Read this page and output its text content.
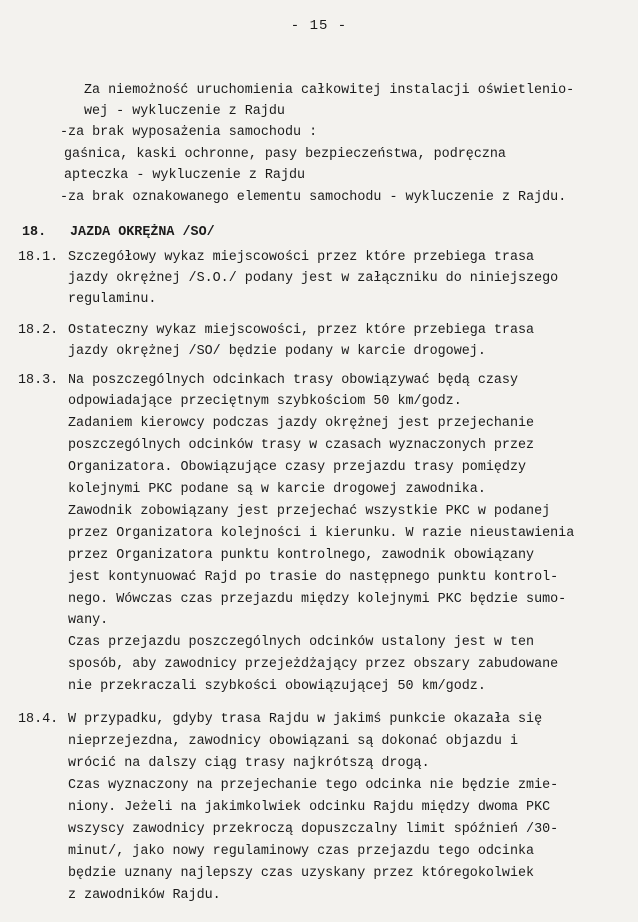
- 15 -
Za niemożność uruchomienia całkowitej instalacji oświetlenio-
wej - wykluczenie z Rajdu
-za brak wyposażenia samochodu :
gaśnica, kaski ochronne, pasy bezpieczeństwa, podręczna
apteczka - wykluczenie z Rajdu
-za brak oznakowanego elementu samochodu - wykluczenie z Rajdu.
18. JAZDA OKRĘŻNA /SO/
18.1. Szczegółowy wykaz miejscowości przez które przebiega trasa
jazdy okrężnej /S.O./ podany jest w załączniku do niniejszego
regulaminu.
18.2. Ostateczny wykaz miejscowości, przez które przebiega trasa
jazdy okrężnej /SO/ będzie podany w karcie drogowej.
18.3. Na poszczególnych odcinkach trasy obowiązywać będą czasy
odpowiadające przeciętnym szybkościom 50 km/godz.
Zadaniem kierowcy podczas jazdy okrężnej jest przejechanie
poszczególnych odcinków trasy w czasach wyznaczonych przez
Organizatora. Obowiązujące czasy przejazdu trasy pomiędzy
kolejnymi PKC podane są w karcie drogowej zawodnika.
Zawodnik zobowiązany jest przejechać wszystkie PKC w podanej
przez Organizatora kolejności i kierunku. W razie nieustawienia
przez Organizatora punktu kontrolnego, zawodnik obowiązany
jest kontynuować Rajd po trasie do następnego punktu kontrol-
nego. Wówczas czas przejazdu między kolejnymi PKC będzie sumo-
wany.
Czas przejazdu poszczególnych odcinków ustalony jest w ten
sposób, aby zawodnicy przejeżdżający przez obszary zabudowane
nie przekraczali szybkości obowiązującej 50 km/godz.
18.4. W przypadku, gdyby trasa Rajdu w jakimś punkcie okazała się
nieprzejezdna, zawodnicy obowiązani są dokonać objazdu i
wrócić na dalszy ciąg trasy najkrótszą drogą.
Czas wyznaczony na przejechanie tego odcinka nie będzie zmie-
niony. Jeżeli na jakimkolwiek odcinku Rajdu między dwoma PKC
wszyscy zawodnicy przekroczą dopuszczalny limit spóźnień /30-
minut/, jako nowy regulaminowy czas przejazdu tego odcinka
będzie uznany najlepszy czas uzyskany przez któregokolwiek
z zawodników Rajdu.
